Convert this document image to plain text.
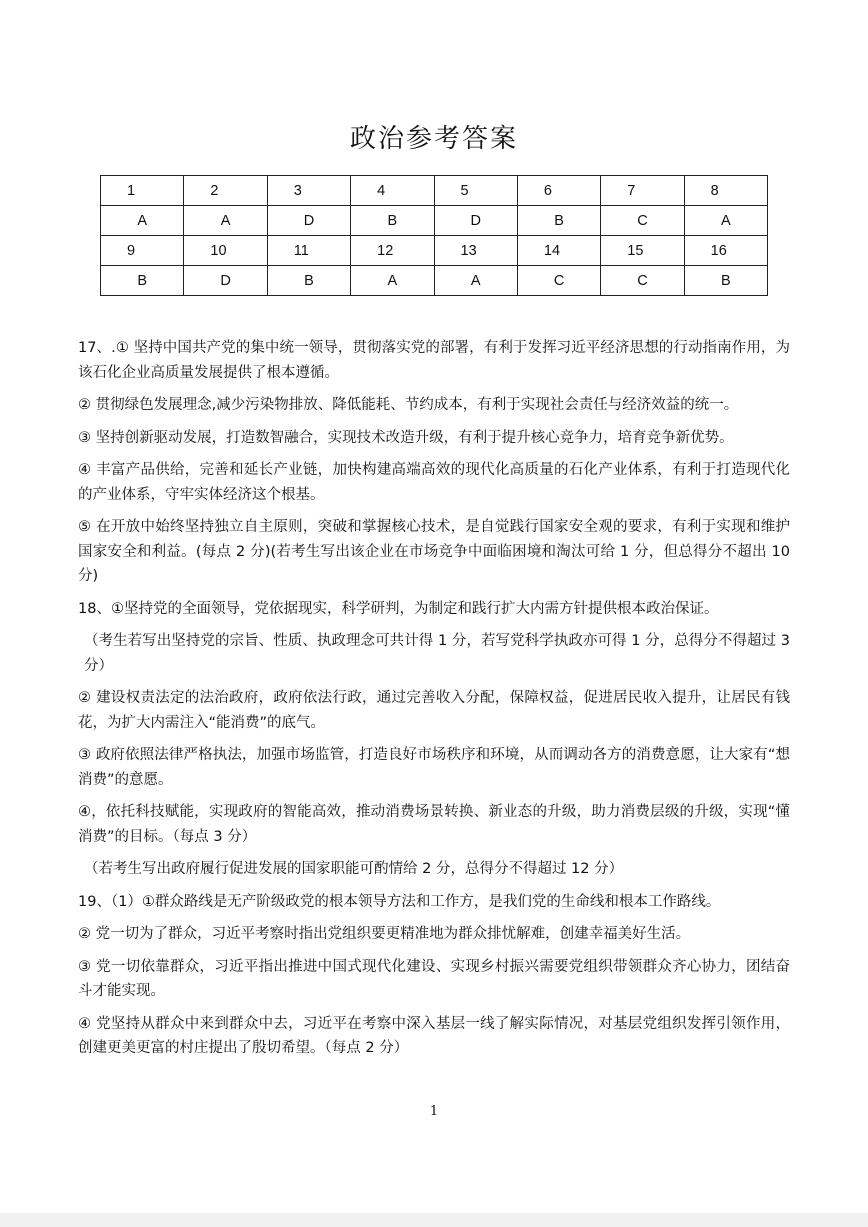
政治参考答案
1	2	3	4	5	6	7	8
A	A	D	B	D	B	C	A
9	10	11	12	13	14	15	16
B	D	B	A	A	C	C	B

17、.① 坚持中国共产党的集中统一领导，贯彻落实党的部署，有利于发挥习近平经济思想的行动指南作用，为该石化企业高质量发展提供了根本遵循。

② 贯彻绿色发展理念,减少污染物排放、降低能耗、节约成本，有利于实现社会责任与经济效益的统一。

③ 坚持创新驱动发展，打造数智融合，实现技术改造升级，有利于提升核心竞争力，培育竞争新优势。

④ 丰富产品供给，完善和延长产业链，加快构建高端高效的现代化高质量的石化产业体系，有利于打造现代化的产业体系，守牢实体经济这个根基。

⑤ 在开放中始终坚持独立自主原则，突破和掌握核心技术，是自觉践行国家安全观的要求，有利于实现和维护国家安全和利益。(每点 2 分)(若考生写出该企业在市场竞争中面临困境和淘汰可给 1 分，但总得分不超出 10 分)

18、①坚持党的全面领导，党依据现实，科学研判，为制定和践行扩大内需方针提供根本政治保证。

（考生若写出坚持党的宗旨、性质、执政理念可共计得 1 分，若写党科学执政亦可得 1 分，总得分不得超过 3 分）

② 建设权责法定的法治政府，政府依法行政，通过完善收入分配，保障权益，促进居民收入提升，让居民有钱花，为扩大内需注入“能消费”的底气。

③ 政府依照法律严格执法，加强市场监管，打造良好市场秩序和环境，从而调动各方的消费意愿，让大家有“想消费”的意愿。

④，依托科技赋能，实现政府的智能高效，推动消费场景转换、新业态的升级，助力消费层级的升级，实现“懂消费”的目标。（每点 3 分）

（若考生写出政府履行促进发展的国家职能可酌情给 2 分，总得分不得超过 12 分）

19、（1）①群众路线是无产阶级政党的根本领导方法和工作方，是我们党的生命线和根本工作路线。

② 党一切为了群众，习近平考察时指出党组织要更精准地为群众排忧解难，创建幸福美好生活。

③ 党一切依靠群众，习近平指出推进中国式现代化建设、实现乡村振兴需要党组织带领群众齐心协力，团结奋斗才能实现。

④ 党坚持从群众中来到群众中去，习近平在考察中深入基层一线了解实际情况，对基层党组织发挥引领作用，创建更美更富的村庄提出了殷切希望。（每点 2 分）

1
